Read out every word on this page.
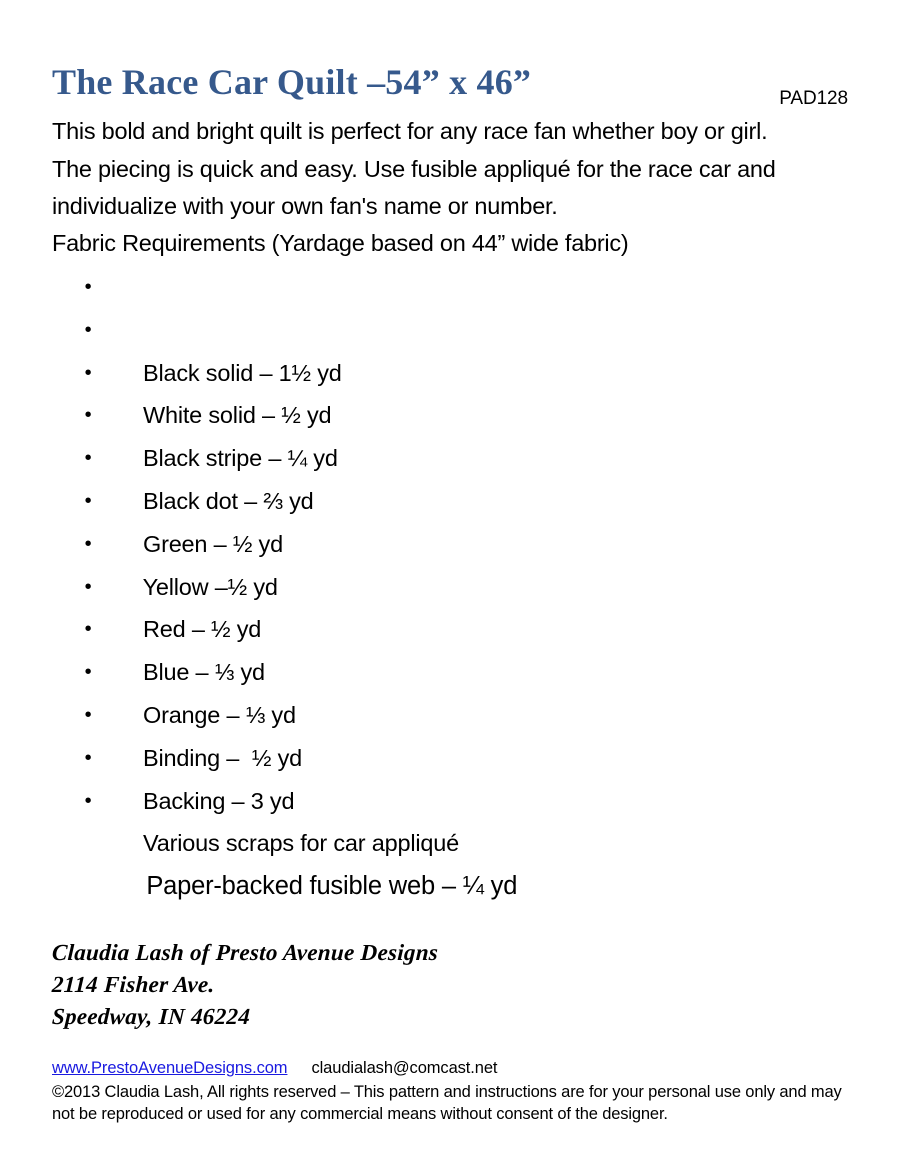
The Race Car Quilt –54” x 46”	PAD128
This bold and bright quilt is perfect for any race fan whether boy or girl.
The piecing is quick and easy. Use fusible appliqué for the race car and
individualize with your own fan's name or number.
Fabric Requirements (Yardage based on 44” wide fabric)

•

Black solid – 1½ yd

•

White solid – ½ yd

•

Black stripe – ¼ yd

•

Black dot – ⅔ yd

•

Green – ½ yd

•

Yellow –½ yd

•

Red – ½ yd

•

Blue – ⅓ yd

•

Orange – ⅓ yd

•

Binding –  ½ yd

•

Backing – 3 yd

•

Various scraps for car appliqué

•

Paper-backed fusible web – ¼ yd

Claudia Lash of Presto Avenue Designs
2114 Fisher Ave.
Speedway, IN 46224
www.PrestoAvenueDesigns.com claudialash@comcast.net
©2013 Claudia Lash, All rights reserved – This pattern and instructions are for your personal use only and may
not be reproduced or used for any commercial means without consent of the designer.
